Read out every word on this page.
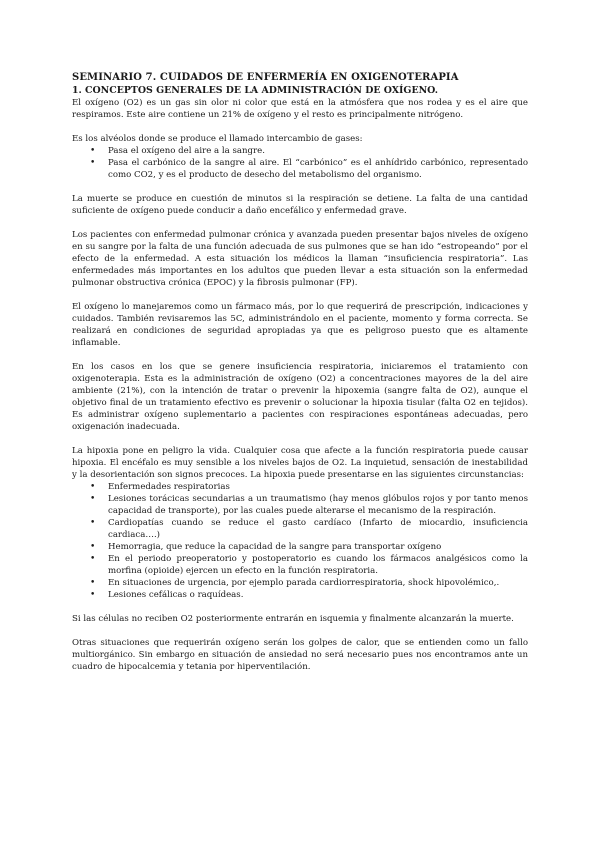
SEMINARIO 7. CUIDADOS DE ENFERMERÍA EN OXIGENOTERAPIA
1. CONCEPTOS GENERALES DE LA ADMINISTRACIÓN DE OXÍGENO.

El oxígeno (O2) es un gas sin olor ni color que está en la atmósfera que nos rodea y es el aire que respiramos. Este aire contiene un 21% de oxígeno y el resto es principalmente nitrógeno.

Es los alvéolos donde se produce el llamado intercambio de gases:

• Pasa el oxígeno del aire a la sangre.
• Pasa el carbónico de la sangre al aire. El “carbónico” es el anhídrido carbónico, representado como CO2, y es el producto de desecho del metabolismo del organismo.

La muerte se produce en cuestión de minutos si la respiración se detiene. La falta de una cantidad suficiente de oxígeno puede conducir a daño encefálico y enfermedad grave.

Los pacientes con enfermedad pulmonar crónica y avanzada pueden presentar bajos niveles de oxígeno en su sangre por la falta de una función adecuada de sus pulmones que se han ido “estropeando” por el efecto de la enfermedad. A esta situación los médicos la llaman “insuficiencia respiratoria”. Las enfermedades más importantes en los adultos que pueden llevar a esta situación son la enfermedad pulmonar obstructiva crónica (EPOC) y la fibrosis pulmonar (FP).

El oxígeno lo manejaremos como un fármaco más, por lo que requerirá de prescripción, indicaciones y cuidados. También revisaremos las 5C, administrándolo en el paciente, momento y forma correcta. Se realizará en condiciones de seguridad apropiadas ya que es peligroso puesto que es altamente inflamable.

En los casos en los que se genere insuficiencia respiratoria, iniciaremos el tratamiento con oxigenoterapia. Esta es la administración de oxígeno (O2) a concentraciones mayores de la del aire ambiente (21%), con la intención de tratar o prevenir la hipoxemia (sangre falta de O2), aunque el objetivo final de un tratamiento efectivo es prevenir o solucionar la hipoxia tisular (falta O2 en tejidos). Es administrar oxígeno suplementario a pacientes con respiraciones espontáneas adecuadas, pero oxigenación inadecuada.

La hipoxia pone en peligro la vida. Cualquier cosa que afecte a la función respiratoria puede causar hipoxia. El encéfalo es muy sensible a los niveles bajos de O2. La inquietud, sensación de inestabilidad y la desorientación son signos precoces. La hipoxia puede presentarse en las siguientes circunstancias:

• Enfermedades respiratorias
• Lesiones torácicas secundarias a un traumatismo (hay menos glóbulos rojos y por tanto menos capacidad de transporte), por las cuales puede alterarse el mecanismo de la respiración.
• Cardiopatías cuando se reduce el gasto cardíaco (Infarto de miocardio, insuficiencia cardiaca….)
• Hemorragia, que reduce la capacidad de la sangre para transportar oxígeno
• En el periodo preoperatorio y postoperatorio es cuando los fármacos analgésicos como la morfina (opioide) ejercen un efecto en la función respiratoria.
• En situaciones de urgencia, por ejemplo parada cardiorrespiratoria, shock hipovolémico,.
• Lesiones cefálicas o raquídeas.

Si las células no reciben O2 posteriormente entrarán en isquemia y finalmente alcanzarán la muerte.

Otras situaciones que requerirán oxígeno serán los golpes de calor, que se entienden como un fallo multiorgánico. Sin embargo en situación de ansiedad no será necesario pues nos encontramos ante un cuadro de hipocalcemia y tetania por hiperventilación.
